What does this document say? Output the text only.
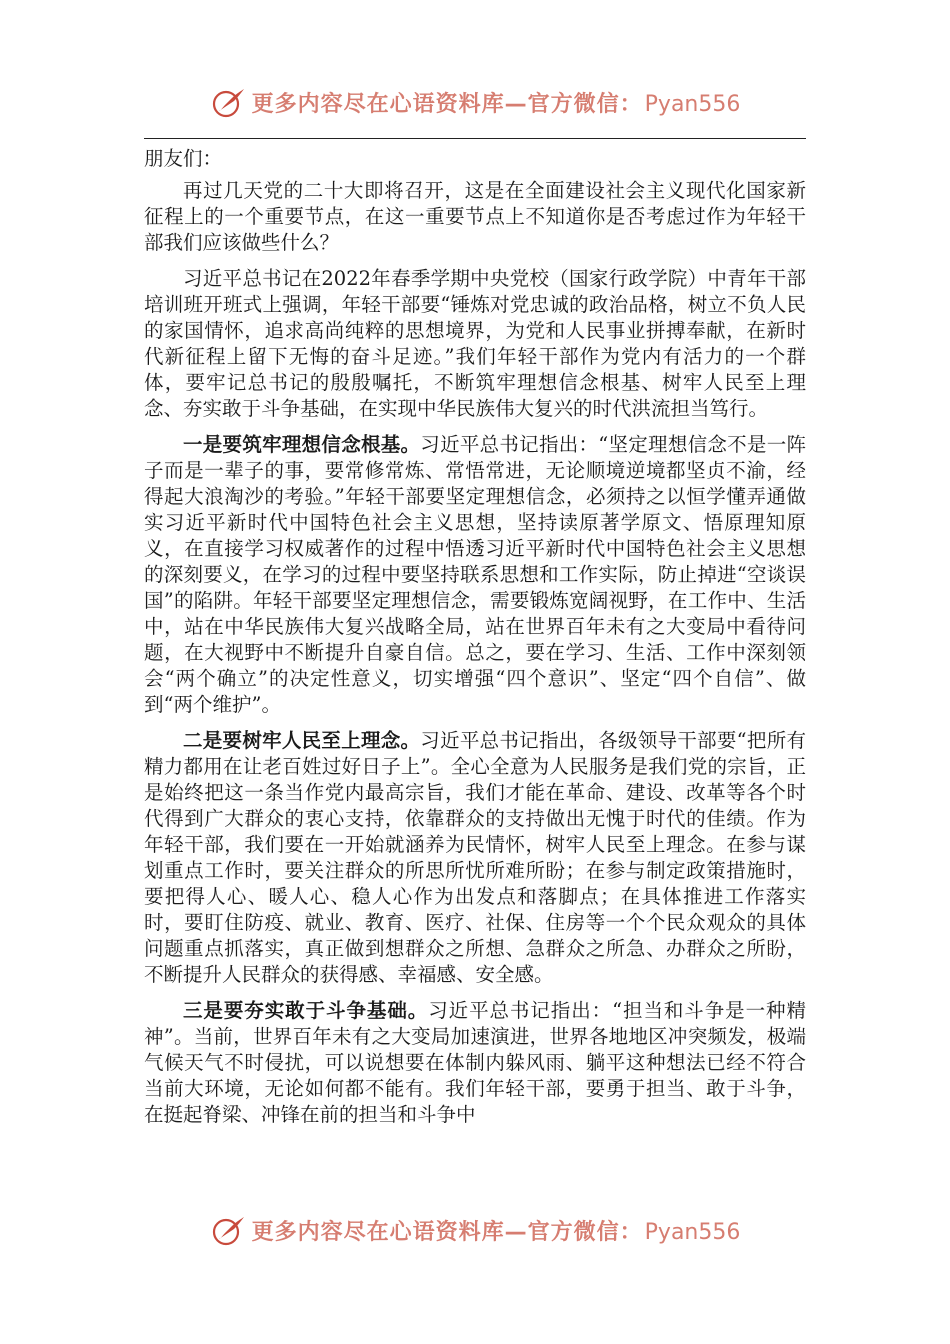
更多内容尽在心语资料库—官方微信：Pyan556

朋友们：

再过几天党的二十大即将召开，这是在全面建设社会主义现代化国家新征程上的一个重要节点，在这一重要节点上不知道你是否考虑过作为年轻干部我们应该做些什么？

习近平总书记在2022年春季学期中央党校（国家行政学院）中青年干部培训班开班式上强调，年轻干部要“锤炼对党忠诚的政治品格，树立不负人民的家国情怀，追求高尚纯粹的思想境界，为党和人民事业拼搏奉献，在新时代新征程上留下无悔的奋斗足迹。”我们年轻干部作为党内有活力的一个群体，要牢记总书记的殷殷嘱托，不断筑牢理想信念根基、树牢人民至上理念、夯实敢于斗争基础，在实现中华民族伟大复兴的时代洪流担当笃行。

一是要筑牢理想信念根基。习近平总书记指出：“坚定理想信念不是一阵子而是一辈子的事，要常修常炼、常悟常进，无论顺境逆境都坚贞不渝，经得起大浪淘沙的考验。”年轻干部要坚定理想信念，必须持之以恒学懂弄通做实习近平新时代中国特色社会主义思想，坚持读原著学原文、悟原理知原义，在直接学习权威著作的过程中悟透习近平新时代中国特色社会主义思想的深刻要义，在学习的过程中要坚持联系思想和工作实际，防止掉进“空谈误国”的陷阱。年轻干部要坚定理想信念，需要锻炼宽阔视野，在工作中、生活中，站在中华民族伟大复兴战略全局，站在世界百年未有之大变局中看待问题，在大视野中不断提升自豪自信。总之，要在学习、生活、工作中深刻领会“两个确立”的决定性意义，切实增强“四个意识”、坚定“四个自信”、做到“两个维护”。

二是要树牢人民至上理念。习近平总书记指出，各级领导干部要“把所有精力都用在让老百姓过好日子上”。全心全意为人民服务是我们党的宗旨，正是始终把这一条当作党内最高宗旨，我们才能在革命、建设、改革等各个时代得到广大群众的衷心支持，依靠群众的支持做出无愧于时代的佳绩。作为年轻干部，我们要在一开始就涵养为民情怀，树牢人民至上理念。在参与谋划重点工作时，要关注群众的所思所忧所难所盼；在参与制定政策措施时，要把得人心、暖人心、稳人心作为出发点和落脚点；在具体推进工作落实时，要盯住防疫、就业、教育、医疗、社保、住房等一个个民众观众的具体问题重点抓落实，真正做到想群众之所想、急群众之所急、办群众之所盼，不断提升人民群众的获得感、幸福感、安全感。

三是要夯实敢于斗争基础。习近平总书记指出：“担当和斗争是一种精神”。当前，世界百年未有之大变局加速演进，世界各地地区冲突频发，极端气候天气不时侵扰，可以说想要在体制内躲风雨、躺平这种想法已经不符合当前大环境，无论如何都不能有。我们年轻干部，要勇于担当、敢于斗争，在挺起脊梁、冲锋在前的担当和斗争中

更多内容尽在心语资料库—官方微信：Pyan556
